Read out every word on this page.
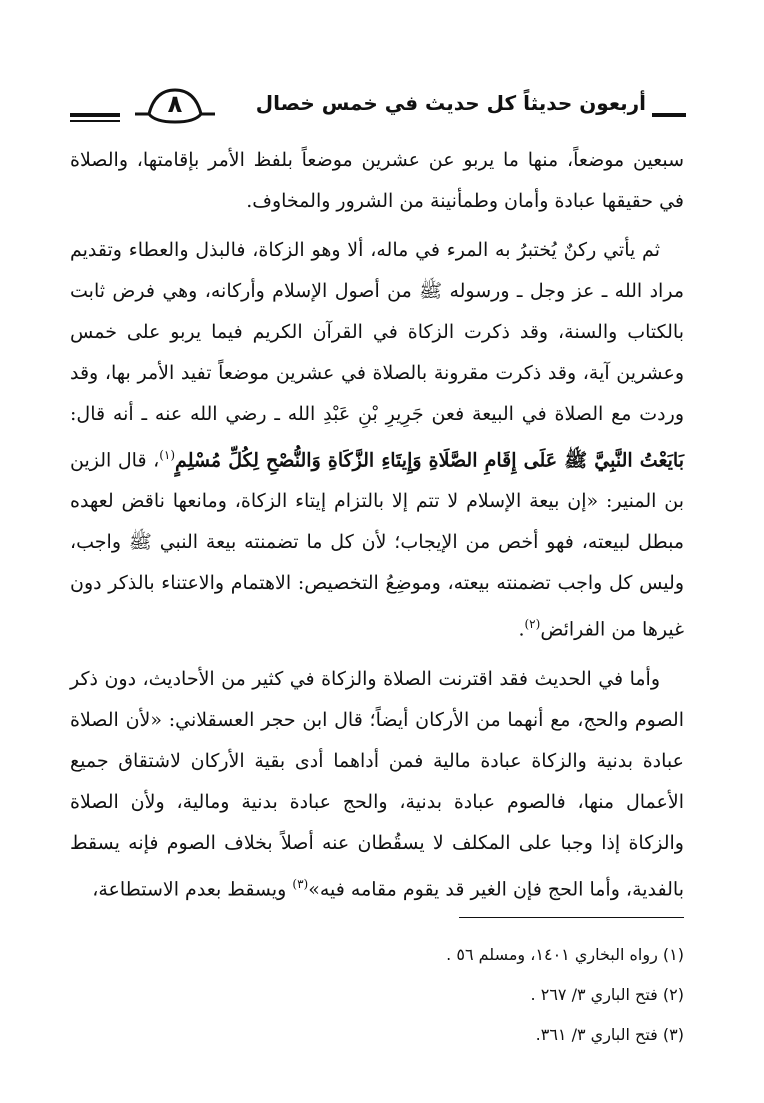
أربعون حديثاً كل حديث في خمس خصال
٨

سبعين موضعاً، منها ما يربو عن عشرين موضعاً بلفظ الأمر بإقامتها، والصلاة في حقيقها عبادة وأمان وطمأنينة من الشرور والمخاوف.

ثم يأتي ركنٌ يُختبرُ به المرء في ماله، ألا وهو الزكاة، فالبذل والعطاء وتقديم مراد الله ـ عز وجل ـ ورسوله ﷺ من أصول الإسلام وأركانه، وهي فرض ثابت بالكتاب والسنة، وقد ذكرت الزكاة في القرآن الكريم فيما يربو على خمس وعشرين آية، وقد ذكرت مقرونة بالصلاة في عشرين موضعاً تفيد الأمر بها، وقد وردت مع الصلاة في البيعة فعن جَرِيرِ بْنِ عَبْدِ الله ـ رضي الله عنه ـ أنه قال: بَايَعْتُ النَّبِيَّ ﷺ عَلَى إِقَامِ الصَّلَاةِ وَإِيتَاءِ الزَّكَاةِ وَالنُّصْحِ لِكُلِّ مُسْلِمٍ$^{(١)}$، قال الزين بن المنير: «إن بيعة الإسلام لا تتم إلا بالتزام إيتاء الزكاة، ومانعها ناقض لعهده مبطل لبيعته، فهو أخص من الإيجاب؛ لأن كل ما تضمنته بيعة النبي ﷺ واجب، وليس كل واجب تضمنته بيعته، وموضِعُ التخصيص: الاهتمام والاعتناء بالذكر دون غيرها من الفرائض$^{(٢)}$.

وأما في الحديث فقد اقترنت الصلاة والزكاة في كثير من الأحاديث، دون ذكر الصوم والحج، مع أنهما من الأركان أيضاً؛ قال ابن حجر العسقلاني: «لأن الصلاة عبادة بدنية والزكاة عبادة مالية فمن أداهما أدى بقية الأركان لاشتقاق جميع الأعمال منها، فالصوم عبادة بدنية، والحج عبادة بدنية ومالية، ولأن الصلاة والزكاة إذا وجبا على المكلف لا يسقُطان عنه أصلاً بخلاف الصوم فإنه يسقط بالفدية، وأما الحج فإن الغير قد يقوم مقامه فيه»$^{(٣)}$ ويسقط بعدم الاستطاعة،

(١) رواه البخاري ١٤٠١، ومسلم ٥٦ .
(٢) فتح الباري ٣/ ٢٦٧ .
(٣) فتح الباري ٣/ ٣٦١.
